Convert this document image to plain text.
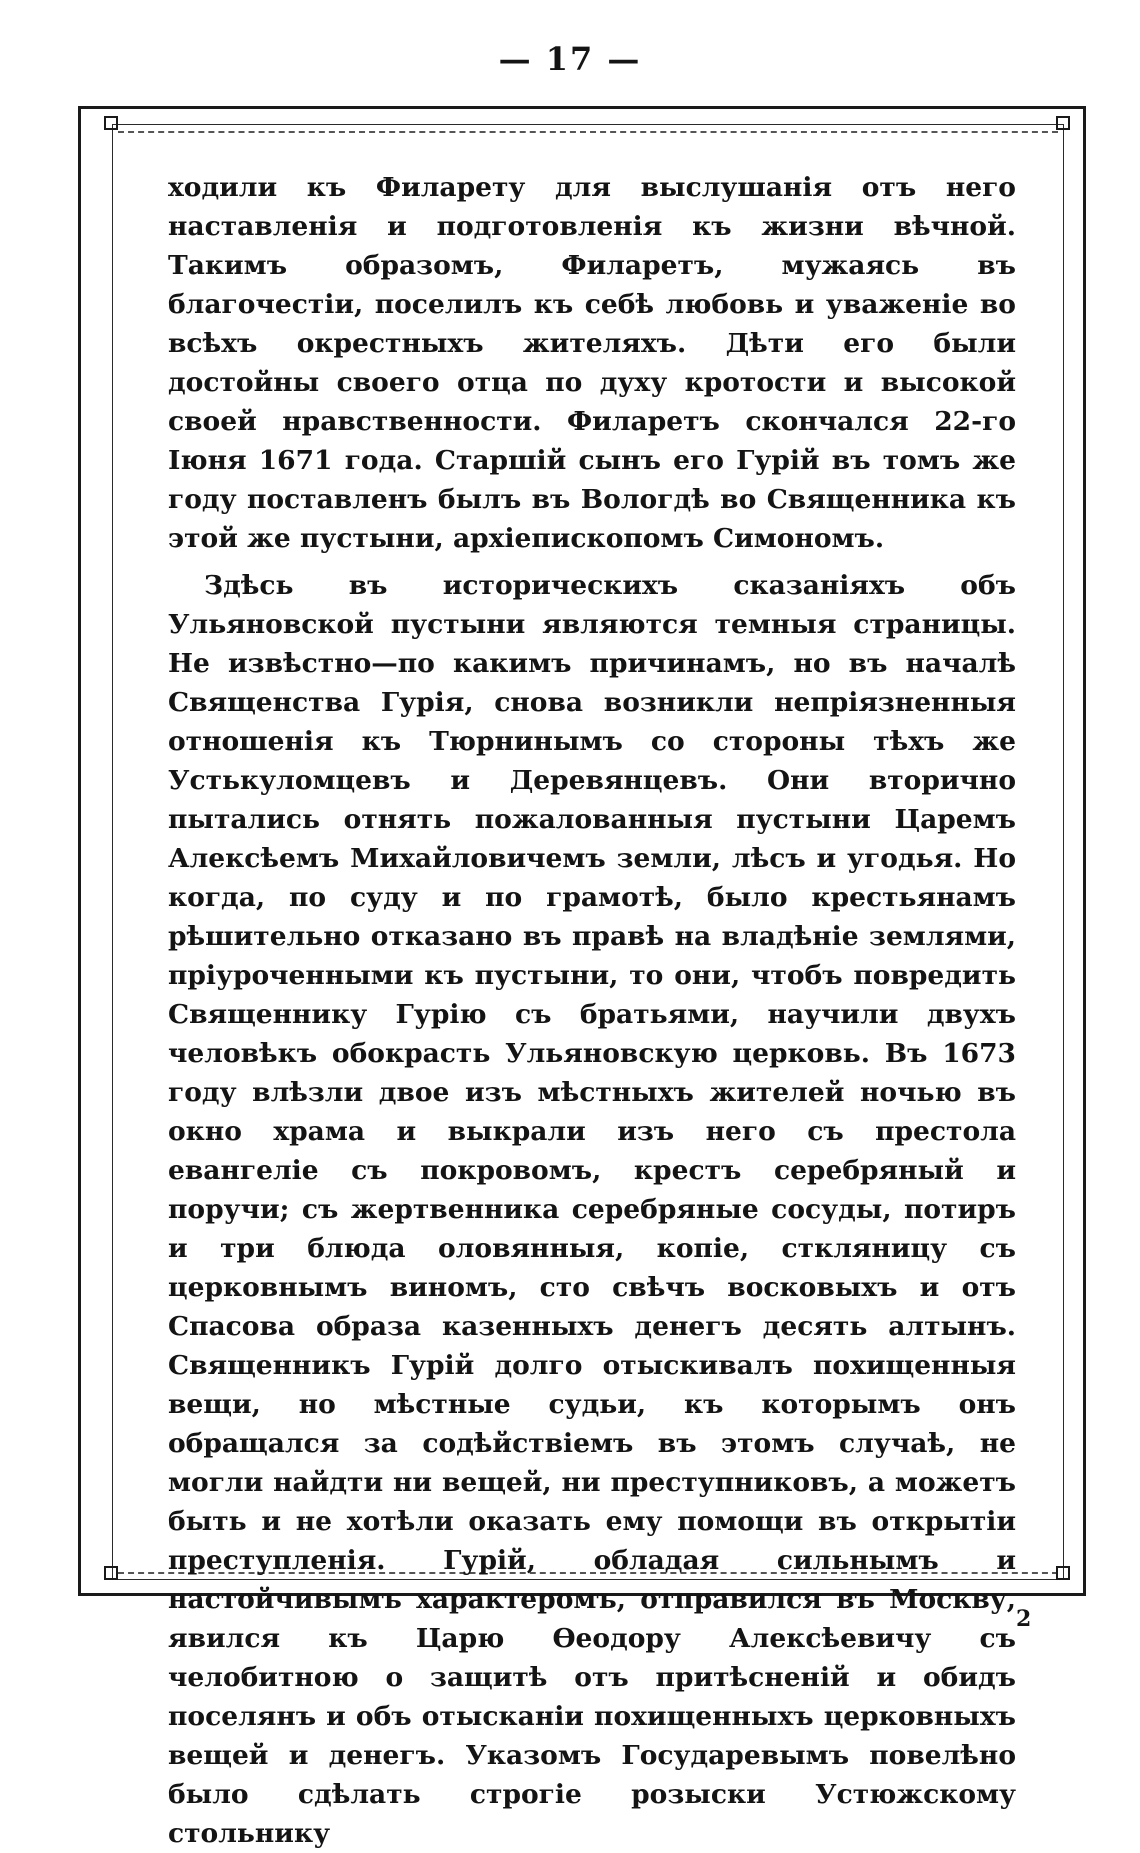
— 17 —

ходили къ Филарету для выслушанія отъ него наставленія и подготовленія къ жизни вѣчной. Такимъ образомъ, Филаретъ, мужаясь въ благочестіи, поселилъ къ себѣ любовь и уваженіе во всѣхъ окрестныхъ жителяхъ. Дѣти его были достойны своего отца по духу кротости и высокой своей нравственности. Филаретъ скончался 22-го Іюня 1671 года. Старшій сынъ его Гурій въ томъ же году поставленъ былъ въ Вологдѣ во Священника къ этой же пустыни, архіепископомъ Симономъ.

Здѣсь въ историческихъ сказаніяхъ объ Ульяновской пустыни являются темныя страницы. Не извѣстно—по какимъ причинамъ, но въ началѣ Священства Гурія, снова возникли непріязненныя отношенія къ Тюрнинымъ со стороны тѣхъ же Устькуломцевъ и Деревянцевъ. Они вторично пытались отнять пожалованныя пустыни Царемъ Алексѣемъ Михайловичемъ земли, лѣсъ и угодья. Но когда, по суду и по грамотѣ, было крестьянамъ рѣшительно отказано въ правѣ на владѣніе землями, пріуроченными къ пустыни, то они, чтобъ повредить Священнику Гурію съ братьями, научили двухъ человѣкъ обокрасть Ульяновскую церковь. Въ 1673 году влѣзли двое изъ мѣстныхъ жителей ночью въ окно храма и выкрали изъ него съ престола евангеліе съ покровомъ, крестъ серебряный и поручи; съ жертвенника серебряные сосуды, потиръ и три блюда оловянныя, копіе, сткляницу съ церковнымъ виномъ, сто свѣчъ восковыхъ и отъ Спасова образа казенныхъ денегъ десять алтынъ. Священникъ Гурій долго отыскивалъ похищенныя вещи, но мѣстные судьи, къ которымъ онъ обращался за содѣйствіемъ въ этомъ случаѣ, не могли найдти ни вещей, ни преступниковъ, а можетъ быть и не хотѣли оказать ему помощи въ открытіи преступленія. Гурій, обладая сильнымъ и настойчивымъ характеромъ, отправился въ Москву, явился къ Царю Ѳеодору Алексѣевичу съ челобитною о защитѣ отъ притѣсненій и обидъ поселянъ и объ отысканіи похищенныхъ церковныхъ вещей и денегъ. Указомъ Государевымъ повелѣно было сдѣлать строгіе розыски Устюжскому стольнику

2
